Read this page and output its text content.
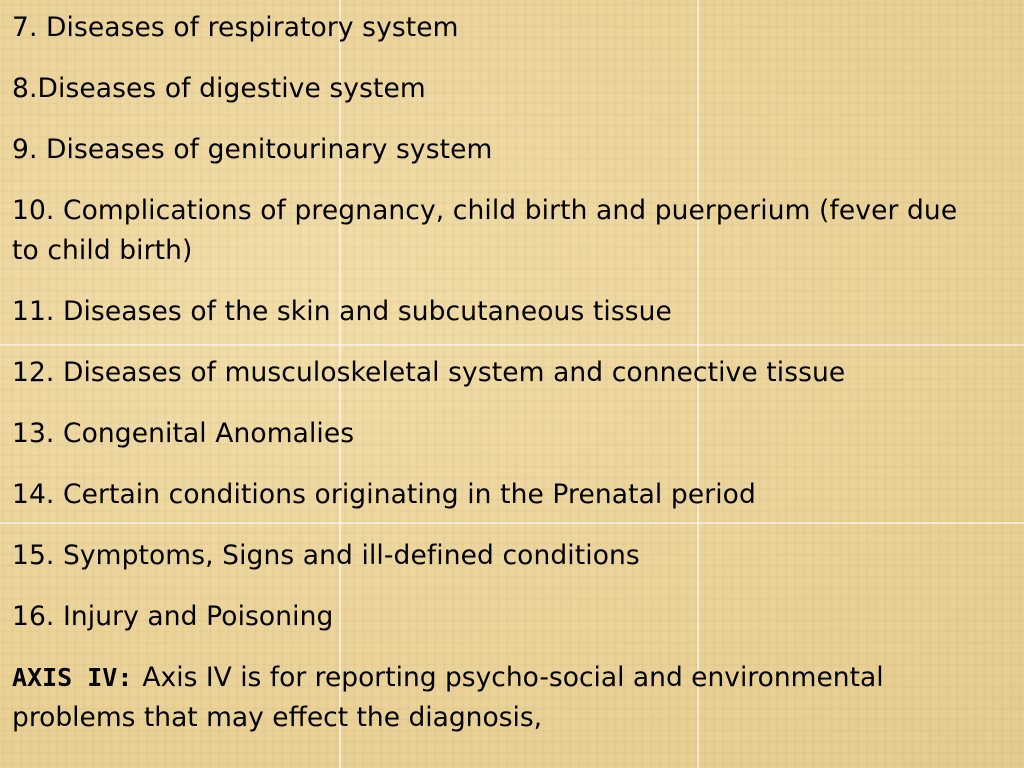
7. Diseases of respiratory system
8.Diseases of digestive system
9. Diseases of genitourinary system
10. Complications of pregnancy, child birth and puerperium (fever due to child birth)
11. Diseases of the skin and subcutaneous tissue
12. Diseases of musculoskeletal system and connective tissue
13. Congenital Anomalies
14. Certain conditions originating in the Prenatal period
15. Symptoms, Signs and ill-defined conditions
16. Injury and Poisoning

AXIS IV: Axis IV is for reporting psycho-social and environmental problems that may effect the diagnosis,
